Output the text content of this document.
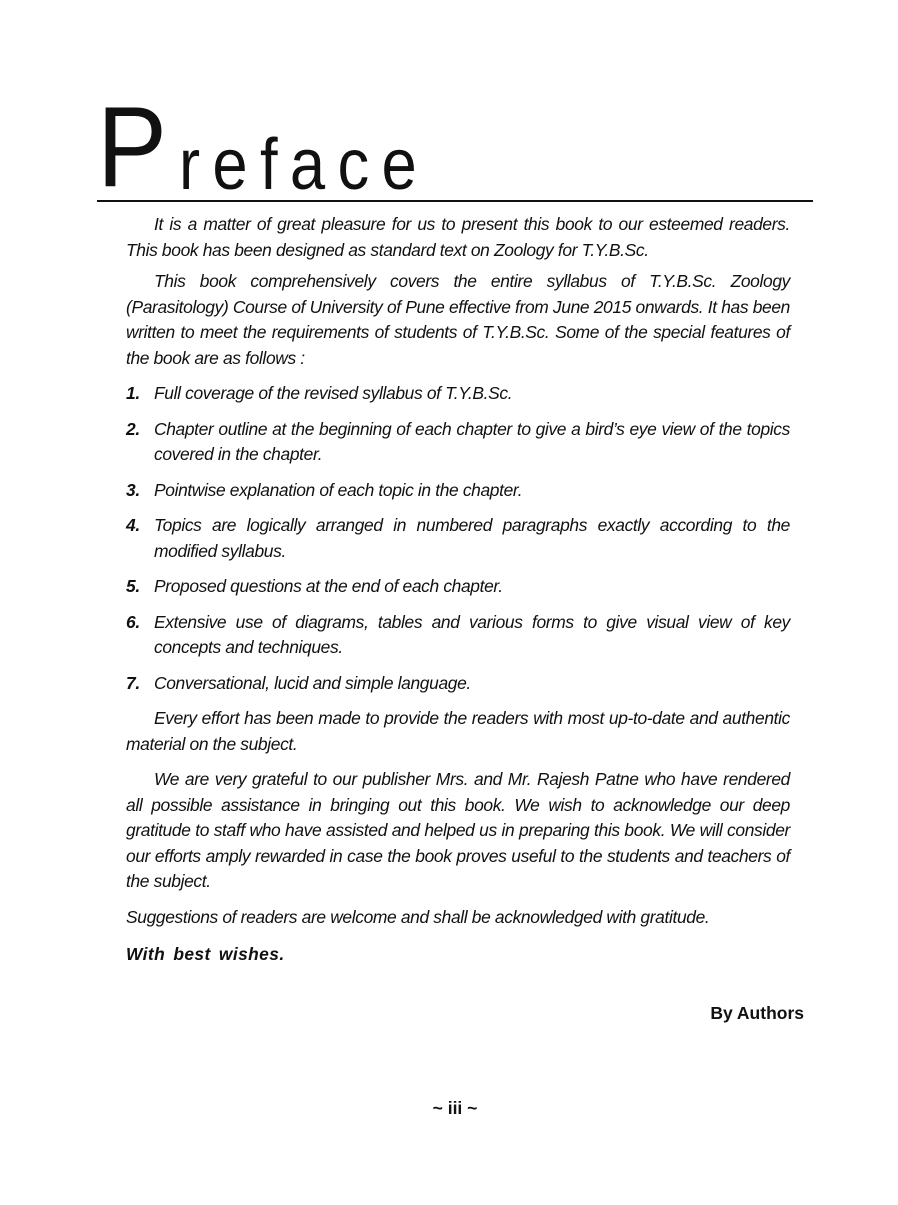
P reface

It is a matter of great pleasure for us to present this book to our esteemed readers. This book has been designed as standard text on Zoology for T.Y.B.Sc.

This book comprehensively covers the entire syllabus of T.Y.B.Sc. Zoology (Parasitology) Course of University of Pune effective from June 2015 onwards. It has been written to meet the requirements of students of T.Y.B.Sc. Some of the special features of the book are as follows :

1. Full coverage of the revised syllabus of T.Y.B.Sc.
2. Chapter outline at the beginning of each chapter to give a bird’s eye view of the topics covered in the chapter.
3. Pointwise explanation of each topic in the chapter.
4. Topics are logically arranged in numbered paragraphs exactly according to the modified syllabus.
5. Proposed questions at the end of each chapter.
6. Extensive use of diagrams, tables and various forms to give visual view of key concepts and techniques.
7. Conversational, lucid and simple language.

Every effort has been made to provide the readers with most up-to-date and authentic material on the subject.

We are very grateful to our publisher Mrs. and Mr. Rajesh Patne who have rendered all possible assistance in bringing out this book. We wish to acknowledge our deep gratitude to staff who have assisted and helped us in preparing this book. We will consider our efforts amply rewarded in case the book proves useful to the students and teachers of the subject.

Suggestions of readers are welcome and shall be acknowledged with gratitude.

With best wishes.

By Authors
~ iii ~
